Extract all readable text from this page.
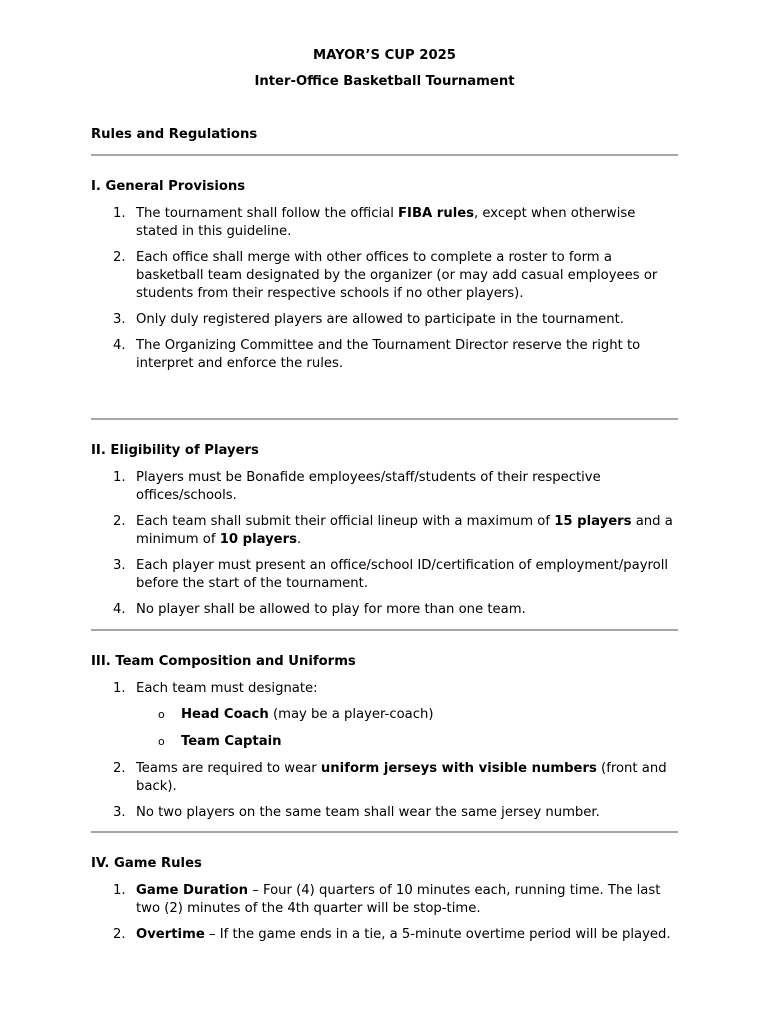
MAYOR’S CUP 2025
Inter-Office Basketball Tournament
Rules and Regulations
I. General Provisions
1. The tournament shall follow the official FIBA rules, except when otherwise stated in this guideline.
2. Each office shall merge with other offices to complete a roster to form a basketball team designated by the organizer (or may add casual employees or students from their respective schools if no other players).
3. Only duly registered players are allowed to participate in the tournament.
4. The Organizing Committee and the Tournament Director reserve the right to interpret and enforce the rules.
II. Eligibility of Players
1. Players must be Bonafide employees/staff/students of their respective offices/schools.
2. Each team shall submit their official lineup with a maximum of 15 players and a minimum of 10 players.
3. Each player must present an office/school ID/certification of employment/payroll before the start of the tournament.
4. No player shall be allowed to play for more than one team.
III. Team Composition and Uniforms
1. Each team must designate:
o Head Coach (may be a player-coach)
o Team Captain
2. Teams are required to wear uniform jerseys with visible numbers (front and back).
3. No two players on the same team shall wear the same jersey number.
IV. Game Rules
1. Game Duration – Four (4) quarters of 10 minutes each, running time. The last two (2) minutes of the 4th quarter will be stop-time.
2. Overtime – If the game ends in a tie, a 5-minute overtime period will be played.
